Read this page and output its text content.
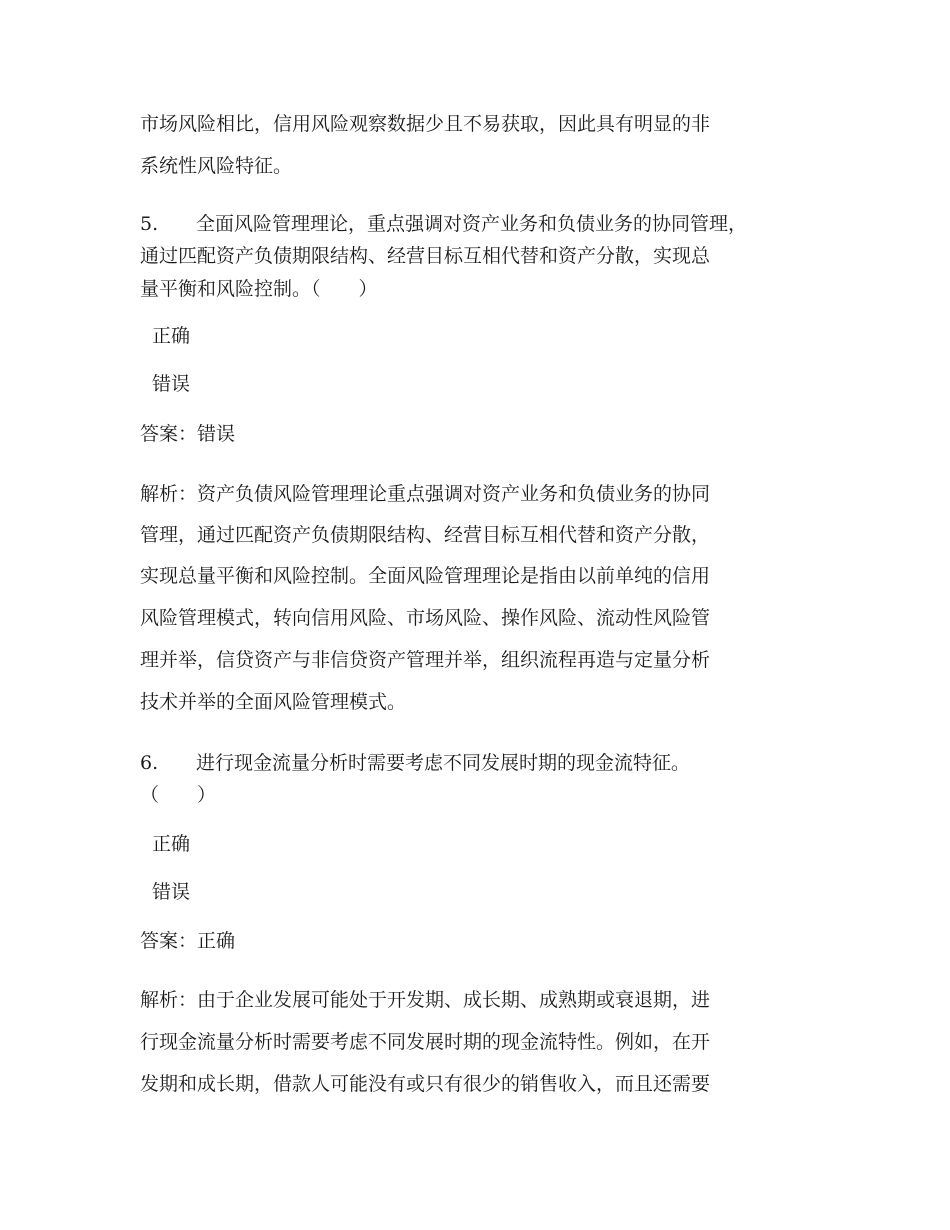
市场风险相比，信用风险观察数据少且不易获取，因此具有明显的非
系统性风险特征。
5. 全面风险管理理论，重点强调对资产业务和负债业务的协同管理，
通过匹配资产负债期限结构、经营目标互相代替和资产分散，实现总
量平衡和风险控制。（　　）
正确
错误
答案：错误
解析：资产负债风险管理理论重点强调对资产业务和负债业务的协同
管理，通过匹配资产负债期限结构、经营目标互相代替和资产分散，
实现总量平衡和风险控制。全面风险管理理论是指由以前单纯的信用
风险管理模式，转向信用风险、市场风险、操作风险、流动性风险管
理并举，信贷资产与非信贷资产管理并举，组织流程再造与定量分析
技术并举的全面风险管理模式。
6. 进行现金流量分析时需要考虑不同发展时期的现金流特征。
（　　）
正确
错误
答案：正确
解析：由于企业发展可能处于开发期、成长期、成熟期或衰退期，进
行现金流量分析时需要考虑不同发展时期的现金流特性。例如，在开
发期和成长期，借款人可能没有或只有很少的销售收入，而且还需要
